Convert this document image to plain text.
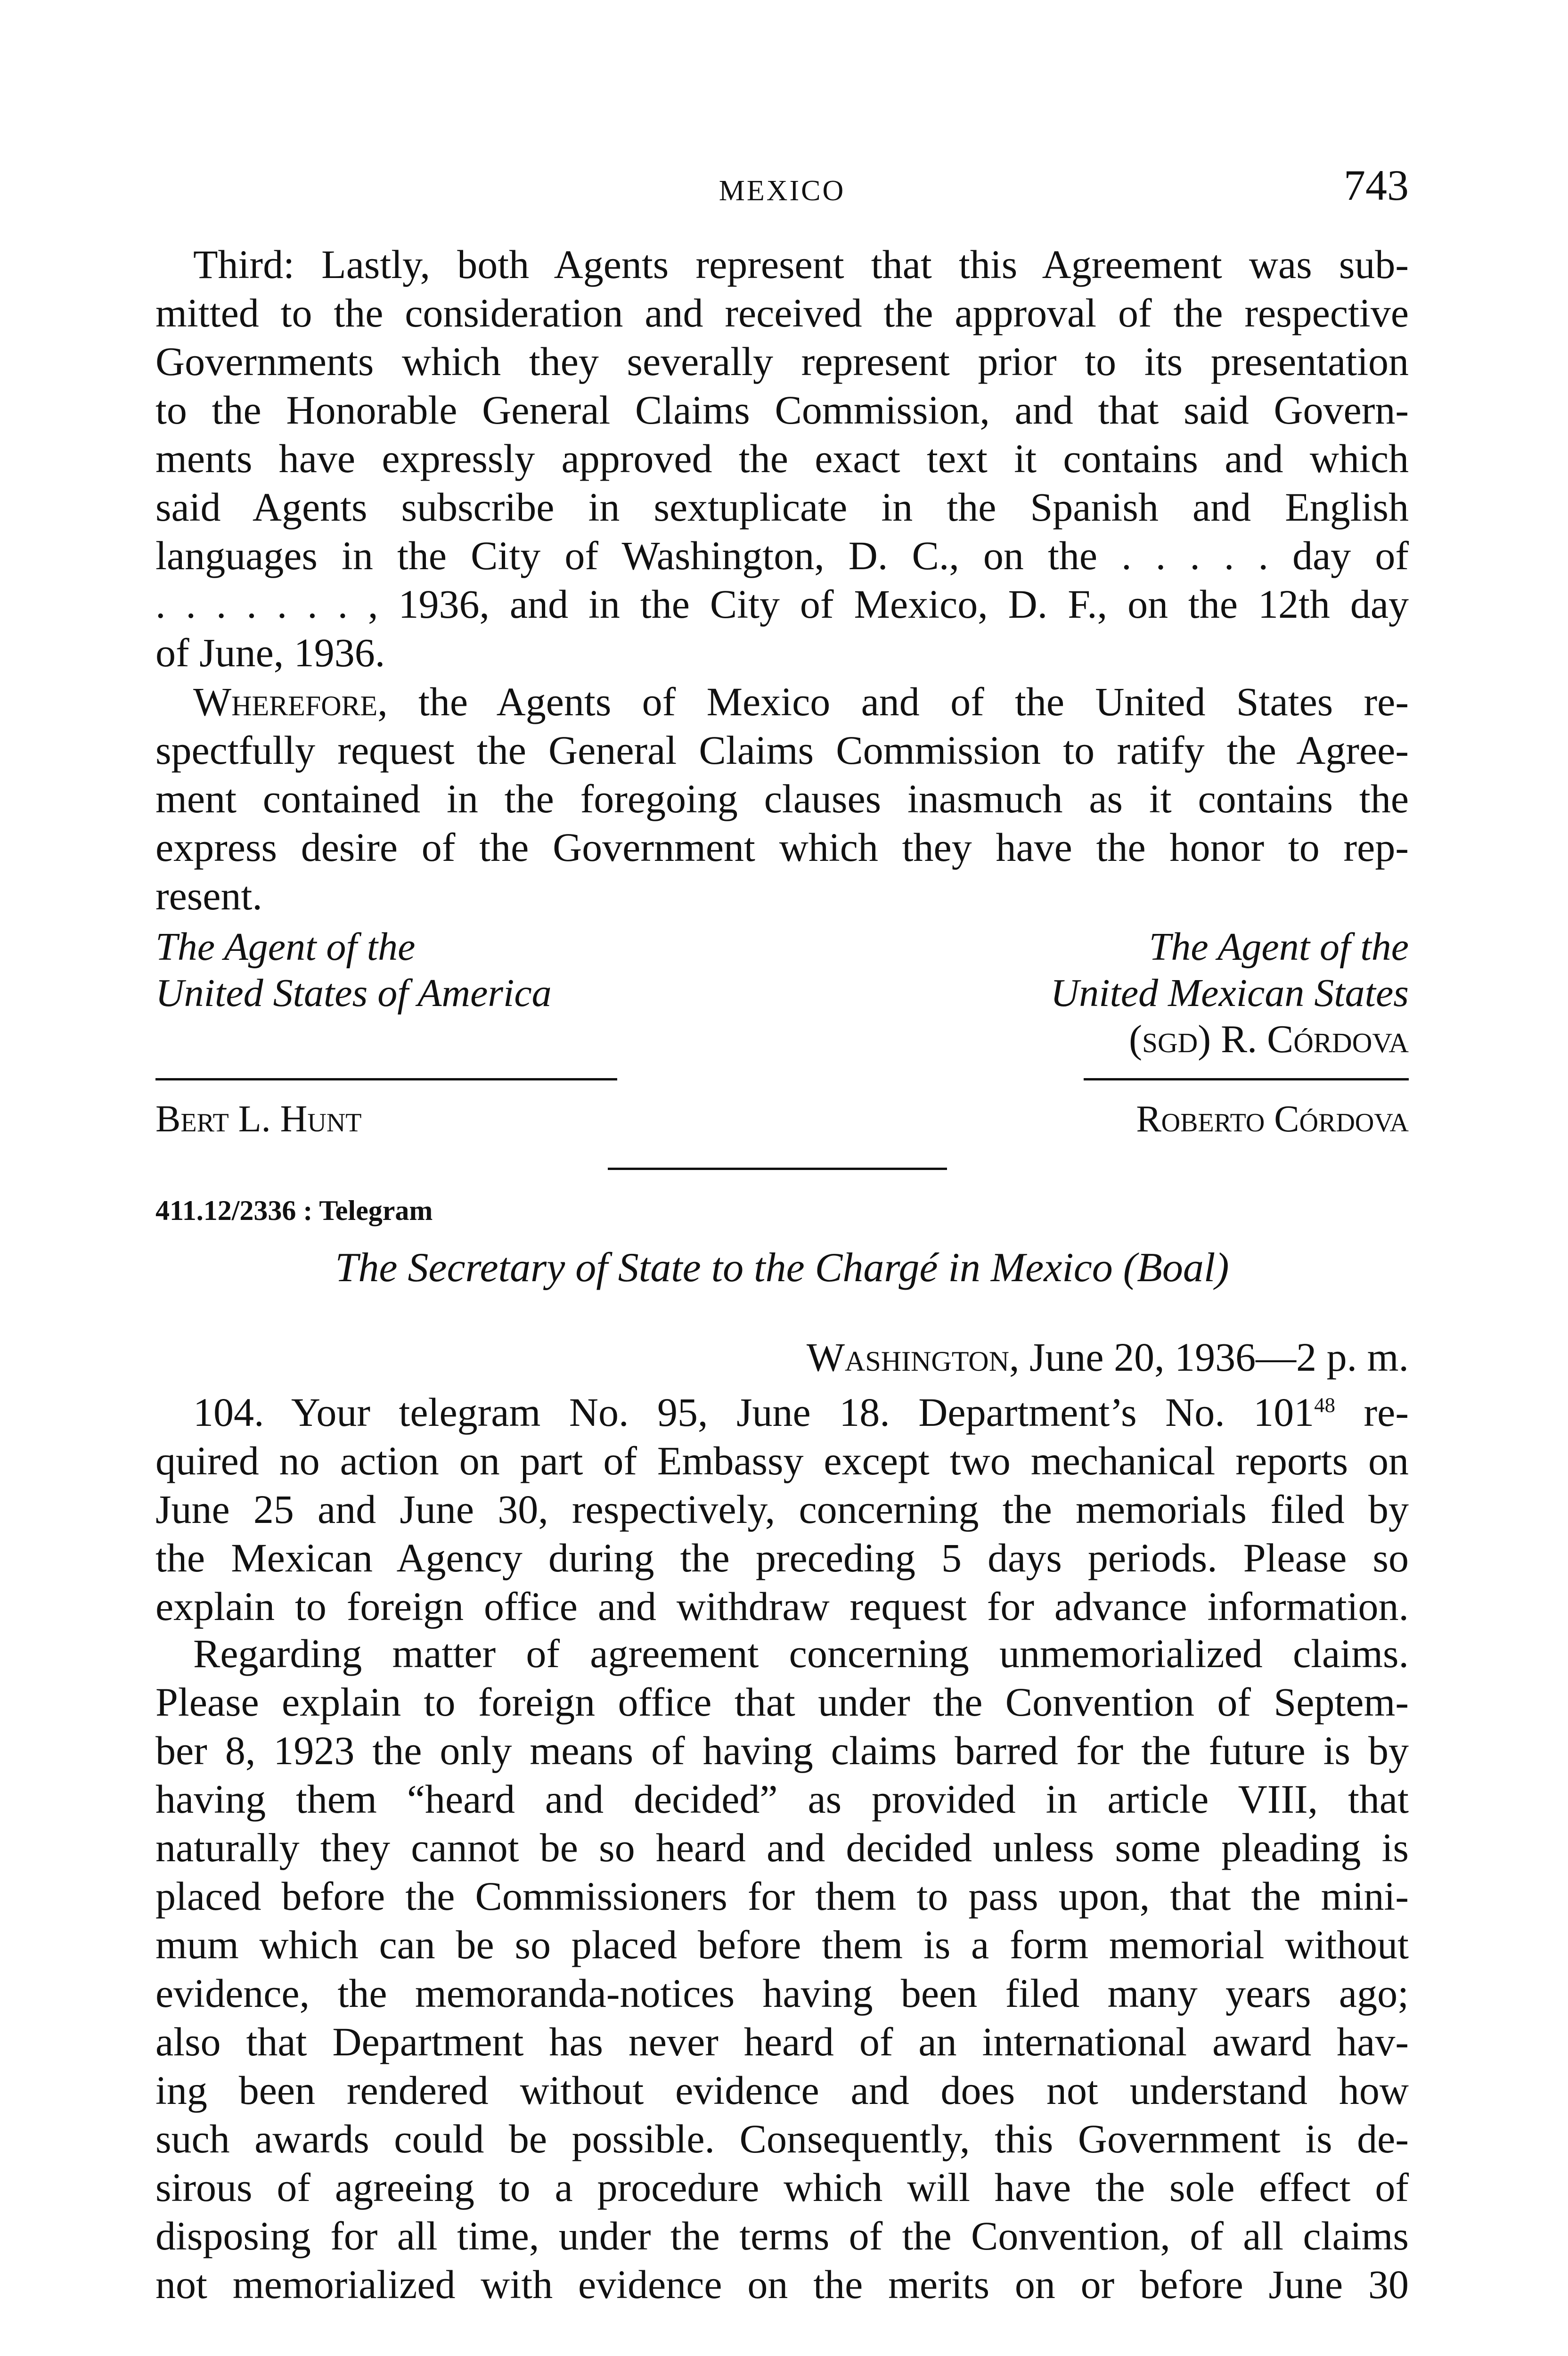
MEXICO	743
Third: Lastly, both Agents represent that this Agreement was sub-
mitted to the consideration and received the approval of the respective
Governments which they severally represent prior to its presentation
to the Honorable General Claims Commission, and that said Govern-
ments have expressly approved the exact text it contains and which
said Agents subscribe in sextuplicate in the Spanish and English
languages in the City of Washington, D. C., on the . . . . . day of
. . . . . . . , 1936, and in the City of Mexico, D. F., on the 12th day
of June, 1936.
Wherefore, the Agents of Mexico and of the United States re-
spectfully request the General Claims Commission to ratify the Agree-
ment contained in the foregoing clauses inasmuch as it contains the
express desire of the Government which they have the honor to rep-
resent.
The Agent of the	The Agent of the
United States of America	United Mexican States
(sgd) R. Córdova
Bert L. Hunt	Roberto Córdova
411.12/2336 : Telegram
The Secretary of State to the Chargé in Mexico (Boal)
Washington, June 20, 1936—2 p. m.
104. Your telegram No. 95, June 18. Department’s No. $101^{48}$ re-
quired no action on part of Embassy except two mechanical reports on
June 25 and June 30, respectively, concerning the memorials filed by
the Mexican Agency during the preceding 5 days periods. Please so
explain to foreign office and withdraw request for advance information.
Regarding matter of agreement concerning unmemorialized claims.
Please explain to foreign office that under the Convention of Septem-
ber 8, 1923 the only means of having claims barred for the future is by
having them “heard and decided” as provided in article VIII, that
naturally they cannot be so heard and decided unless some pleading is
placed before the Commissioners for them to pass upon, that the mini-
mum which can be so placed before them is a form memorial without
evidence, the memoranda-notices having been filed many years ago;
also that Department has never heard of an international award hav-
ing been rendered without evidence and does not understand how
such awards could be possible. Consequently, this Government is de-
sirous of agreeing to a procedure which will have the sole effect of
disposing for all time, under the terms of the Convention, of all claims
not memorialized with evidence on the merits on or before June 30
